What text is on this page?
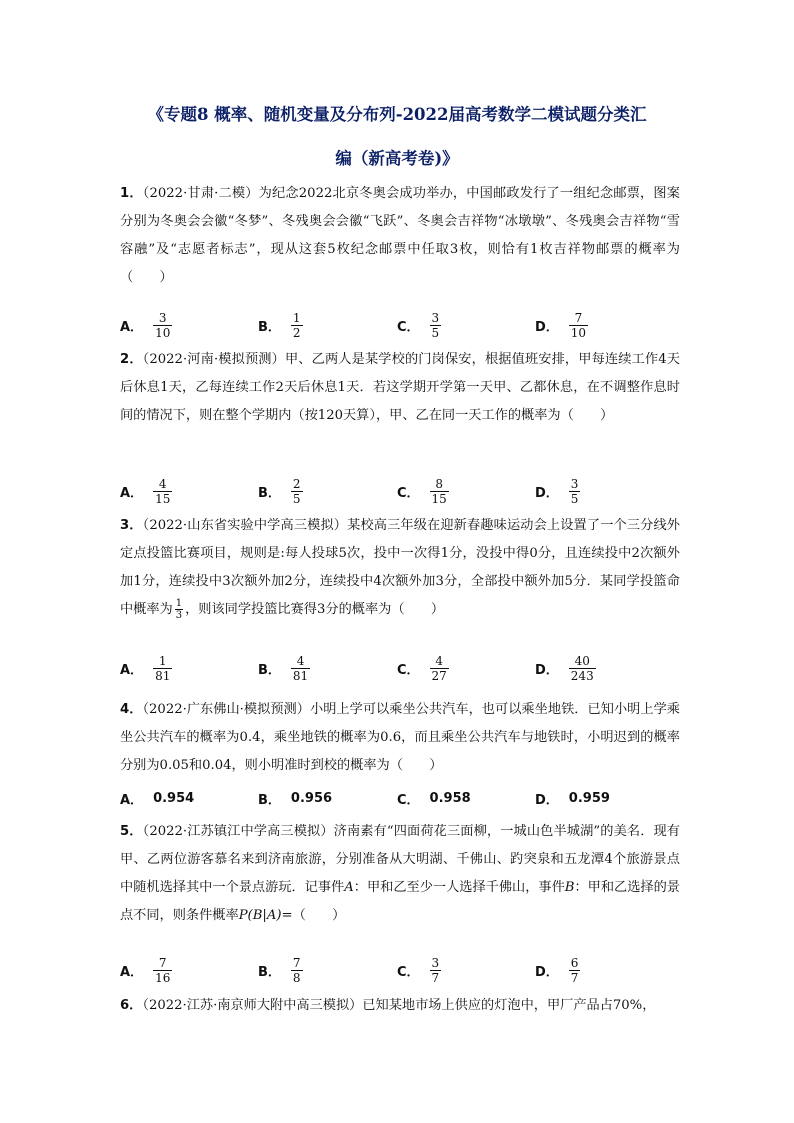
《专题8 概率、随机变量及分布列-2022届高考数学二模试题分类汇
编（新高考卷)》
1．（2022·甘肃·二模）为纪念2022北京冬奥会成功举办，中国邮政发行了一组纪念邮票，图案分别为冬奥会会徽“冬梦”、冬残奥会会徽“飞跃”、冬奥会吉祥物“冰墩墩”、冬残奥会吉祥物“雪容融”及“志愿者标志”，现从这套5枚纪念邮票中任取3枚，则恰有1枚吉祥物邮票的概率为（　　）
A． $\frac{3}{10}$	B． $\frac{1}{2}$	C． $\frac{3}{5}$	D． $\frac{7}{10}$
2．（2022·河南·模拟预测）甲、乙两人是某学校的门岗保安，根据值班安排，甲每连续工作4天后休息1天，乙每连续工作2天后休息1天．若这学期开学第一天甲、乙都休息，在不调整作息时间的情况下，则在整个学期内（按120天算），甲、乙在同一天工作的概率为（　　）
A． $\frac{4}{15}$	B． $\frac{2}{5}$	C． $\frac{8}{15}$	D． $\frac{3}{5}$
3．（2022·山东省实验中学高三模拟）某校高三年级在迎新春趣味运动会上设置了一个三分线外定点投篮比赛项目，规则是:每人投球5次，投中一次得1分，没投中得0分，且连续投中2次额外加1分，连续投中3次额外加2分，连续投中4次额外加3分，全部投中额外加5分．某同学投篮命中概率为 $\frac{1}{3}$ ，则该同学投篮比赛得3分的概率为（　　）
A． $\frac{1}{81}$	B． $\frac{4}{81}$	C． $\frac{4}{27}$	D． $\frac{40}{243}$
4．（2022·广东佛山·模拟预测）小明上学可以乘坐公共汽车，也可以乘坐地铁．已知小明上学乘坐公共汽车的概率为0.4，乘坐地铁的概率为0.6，而且乘坐公共汽车与地铁时，小明迟到的概率分别为0.05和0.04，则小明准时到校的概率为（　　）
A． 0.954	B． 0.956	C． 0.958	D． 0.959
5．（2022·江苏镇江中学高三模拟）济南素有“四面荷花三面柳，一城山色半城湖”的美名．现有甲、乙两位游客慕名来到济南旅游，分别准备从大明湖、千佛山、趵突泉和五龙潭4个旅游景点中随机选择其中一个景点游玩．记事件A：甲和乙至少一人选择千佛山，事件B：甲和乙选择的景点不同，则条件概率P(B|A)=（　　）
A． $\frac{7}{16}$	B． $\frac{7}{8}$	C． $\frac{3}{7}$	D． $\frac{6}{7}$
6．（2022·江苏·南京师大附中高三模拟）已知某地市场上供应的灯泡中，甲厂产品占70%，
